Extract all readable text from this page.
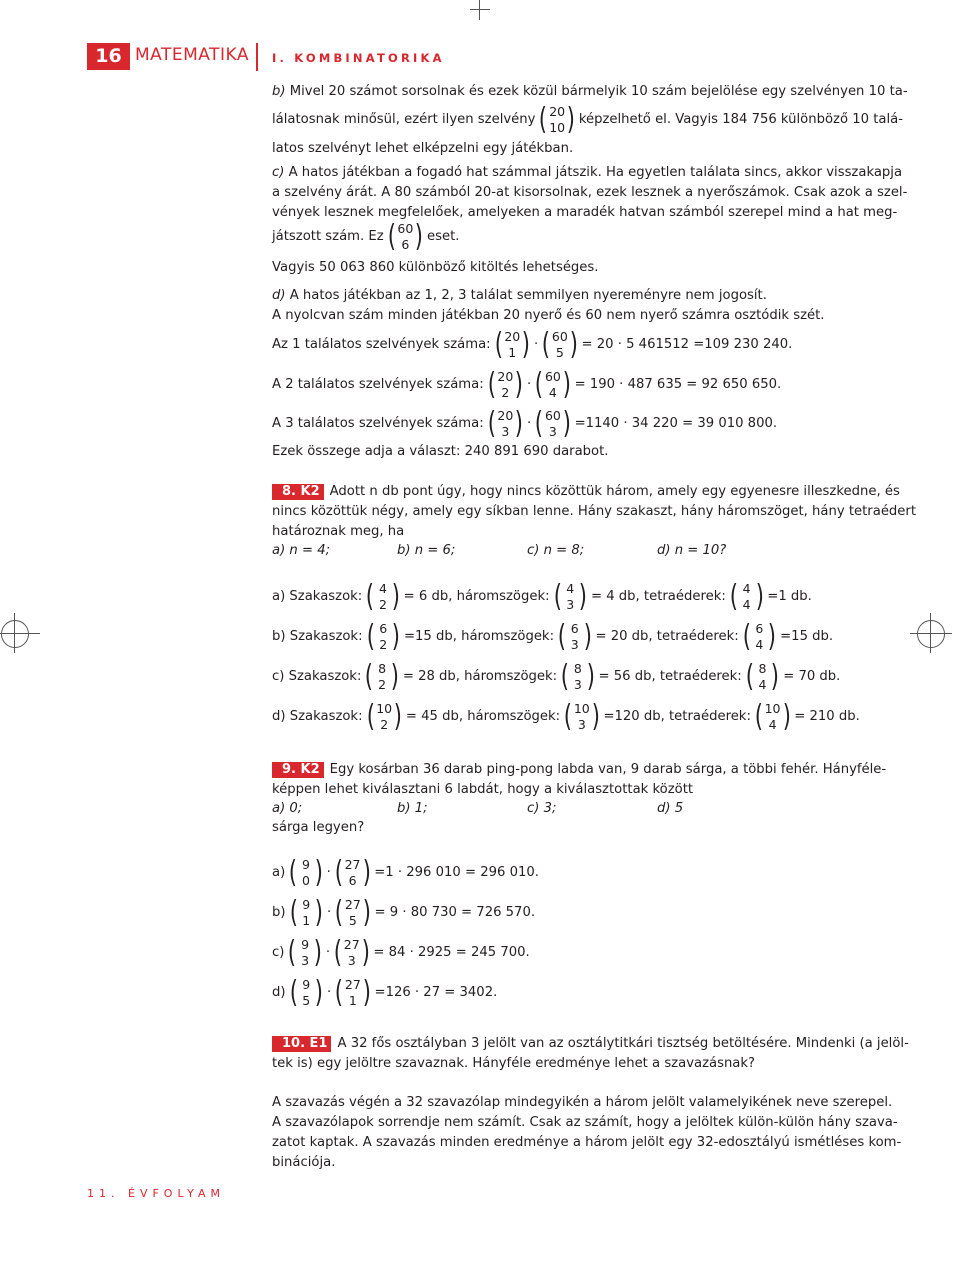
16 MATEMATIKA I. KOMBINATORIKA
b) Mivel 20 számot sorsolnak és ezek közül bármelyik 10 szám bejelölése egy szelvényen 10 ta-
lálatosnak minősül, ezért ilyen szelvény ( 20
10 ) képzelhető el. Vagyis 184 756 különböző 10 talá-
latos szelvényt lehet elképzelni egy játékban.
c) A hatos játékban a fogadó hat számmal játszik. Ha egyetlen találata sincs, akkor visszakapja
a szelvény árát. A 80 számból 20-at kisorsolnak, ezek lesznek a nyerőszámok. Csak azok a szel-
vények lesznek megfelelőek, amelyeken a maradék hatvan számból szerepel mind a hat meg-
játszott szám. Ez ( 60
6 ) eset.
Vagyis 50 063 860 különböző kitöltés lehetséges.
d) A hatos játékban az 1, 2, 3 találat semmilyen nyereményre nem jogosít.
A nyolcvan szám minden játékban 20 nyerő és 60 nem nyerő számra osztódik szét.
Az 1 találatos szelvények száma: ( 20
1 ) · ( 60
5 ) = 20 · 5 461512 =109 230 240.
A 2 találatos szelvények száma: ( 20
2 ) · ( 60
4 ) = 190 · 487 635 = 92 650 650.
A 3 találatos szelvények száma: ( 20
3 ) · ( 60
3 ) =1140 · 34 220 = 39 010 800.
Ezek összege adja a választ: 240 891 690 darabot.
8. K2 Adott n db pont úgy, hogy nincs közöttük három, amely egy egyenesre illeszkedne, és
nincs közöttük négy, amely egy síkban lenne. Hány szakaszt, hány háromszöget, hány tetraédert
határoznak meg, ha
a) n = 4;	b) n = 6;	c) n = 8;	d) n = 10?
a) Szakaszok: ( 4
2 ) = 6 db, háromszögek: ( 4
3 ) = 4 db, tetraéderek: ( 4
4 ) =1 db.
b) Szakaszok: ( 6
2 ) =15 db, háromszögek: ( 6
3 ) = 20 db, tetraéderek: ( 6
4 ) =15 db.
c) Szakaszok: ( 8
2 ) = 28 db, háromszögek: ( 8
3 ) = 56 db, tetraéderek: ( 8
4 ) = 70 db.
d) Szakaszok: ( 10
2 ) = 45 db, háromszögek: ( 10
3 ) =120 db, tetraéderek: ( 10
4 ) = 210 db.
9. K2 Egy kosárban 36 darab ping-pong labda van, 9 darab sárga, a többi fehér. Hányféle-
képpen lehet kiválasztani 6 labdát, hogy a kiválasztottak között
a) 0;	b) 1;	c) 3;	d) 5
sárga legyen?
a) ( 9
0 ) · ( 27
6 ) =1 · 296 010 = 296 010.
b) ( 9
1 ) · ( 27
5 ) = 9 · 80 730 = 726 570.
c) ( 9
3 ) · ( 27
3 ) = 84 · 2925 = 245 700.
d) ( 9
5 ) · ( 27
1 ) =126 · 27 = 3402.
10. E1 A 32 fős osztályban 3 jelölt van az osztálytitkári tisztség betöltésére. Mindenki (a jelöl-
tek is) egy jelöltre szavaznak. Hányféle eredménye lehet a szavazásnak?
A szavazás végén a 32 szavazólap mindegyikén a három jelölt valamelyikének neve szerepel.
A szavazólapok sorrendje nem számít. Csak az számít, hogy a jelöltek külön-külön hány szava-
zatot kaptak. A szavazás minden eredménye a három jelölt egy 32-edosztályú ismétléses kom-
binációja.
11. ÉVFOLYAM
